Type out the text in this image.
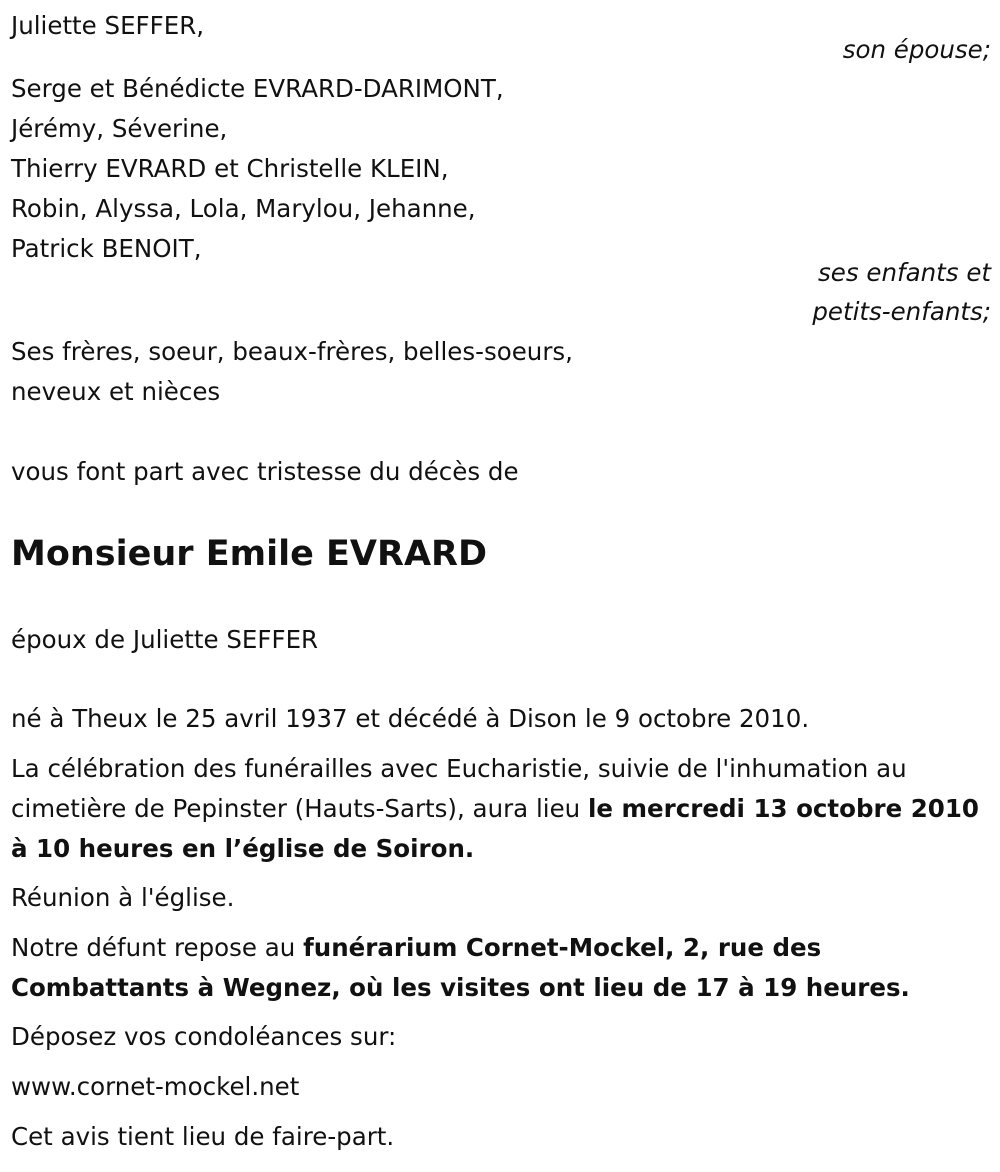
Juliette SEFFER,
son épouse;
Serge et Bénédicte EVRARD-DARIMONT,
Jérémy, Séverine,
Thierry EVRARD et Christelle KLEIN,
Robin, Alyssa, Lola, Marylou, Jehanne,
Patrick BENOIT,
ses enfants et
petits-enfants;
Ses frères, soeur, beaux-frères, belles-soeurs,
neveux et nièces
vous font part avec tristesse du décès de
Monsieur Emile EVRARD
époux de Juliette SEFFER
né à Theux le 25 avril 1937 et décédé à Dison le 9 octobre 2010.
La célébration des funérailles avec Eucharistie, suivie de l'inhumation au cimetière de Pepinster (Hauts-Sarts), aura lieu le mercredi 13 octobre 2010 à 10 heures en l’église de Soiron.
Réunion à l'église.
Notre défunt repose au funérarium Cornet-Mockel, 2, rue des Combattants à Wegnez, où les visites ont lieu de 17 à 19 heures.
Déposez vos condoléances sur:
www.cornet-mockel.net
Cet avis tient lieu de faire-part.
